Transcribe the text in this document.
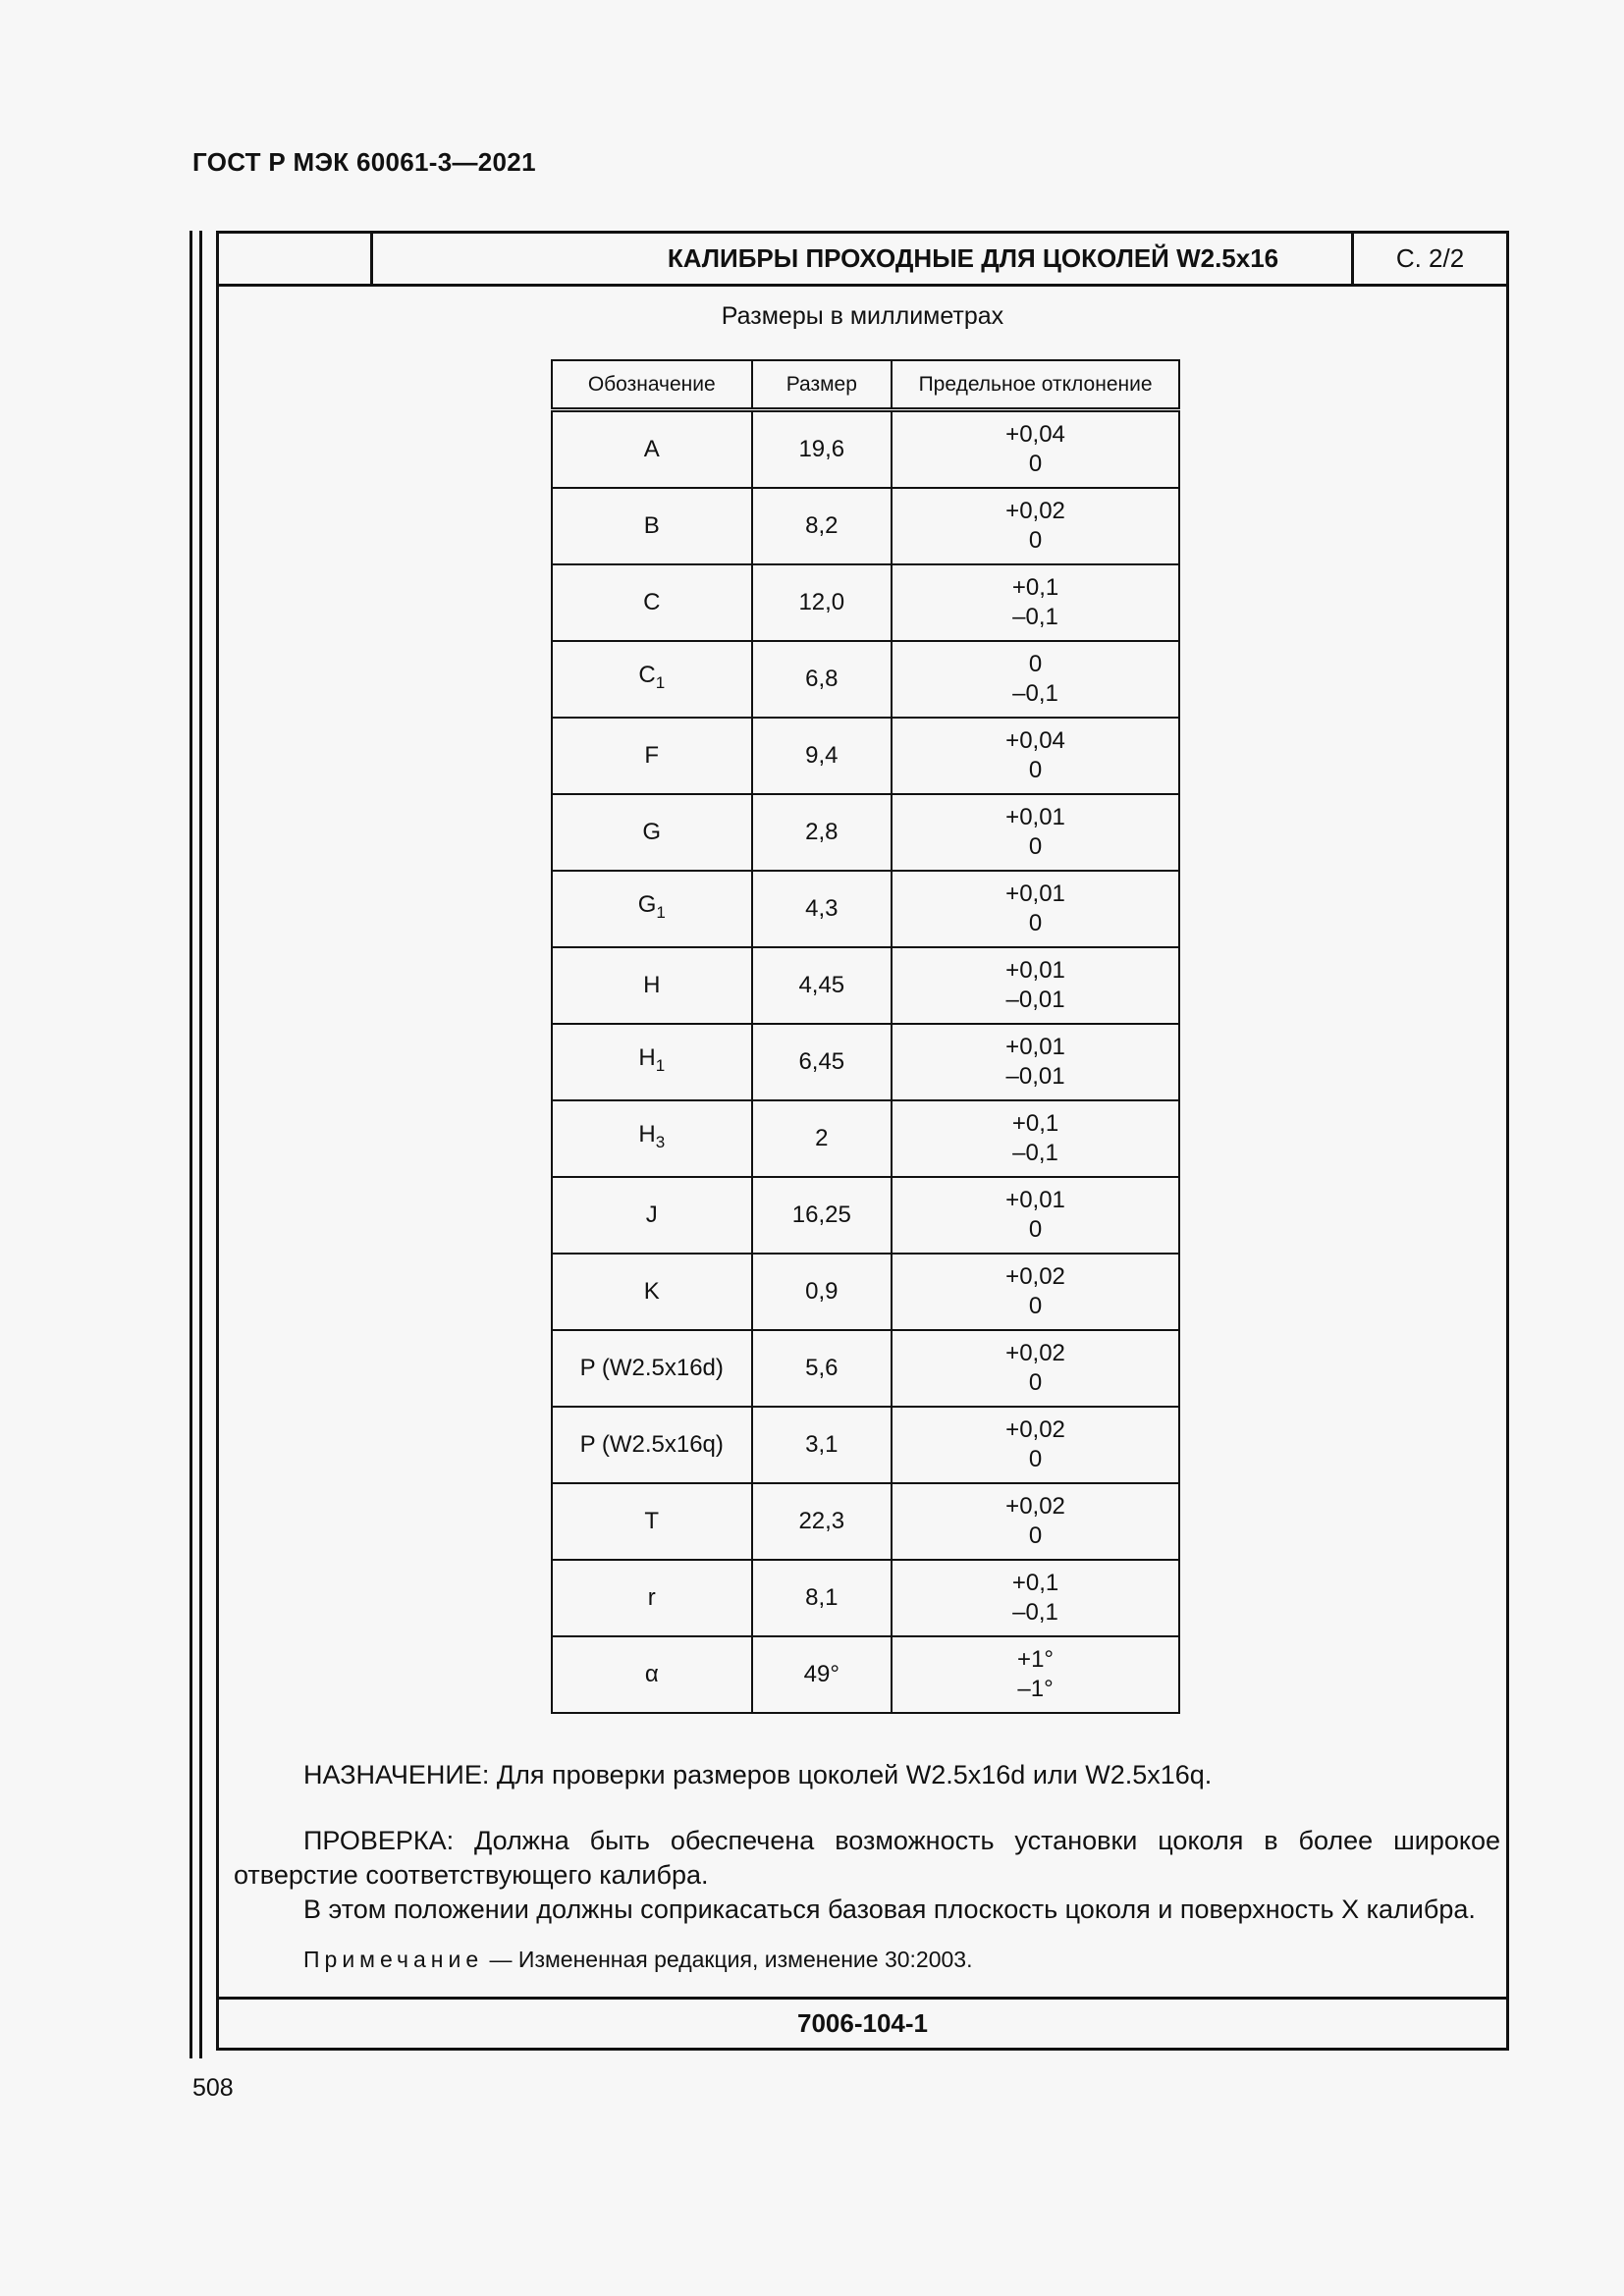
ГОСТ Р МЭК 60061-3—2021
КАЛИБРЫ ПРОХОДНЫЕ ДЛЯ ЦОКОЛЕЙ W2.5x16	С. 2/2
Размеры в миллиметрах
Обозначение	Размер	Предельное отклонение
A	19,6	+0,04
0

B	8,2	+0,02
0

C	12,0	+0,1
–0,1

$C_1$	6,8	0
–0,1

F	9,4	+0,04
0

G	2,8	+0,01
0

$G_1$	4,3	+0,01
0

H	4,45	+0,01
–0,01

$H_1$	6,45	+0,01
–0,01

$H_3$	2	+0,1
–0,1

J	16,25	+0,01
0

K	0,9	+0,02
0

P (W2.5x16d)	5,6	+0,02
0

P (W2.5x16q)	3,1	+0,02
0

T	22,3	+0,02
0

r	8,1	+0,1
–0,1

α	49°	+1°
–1°
НАЗНАЧЕНИЕ: Для проверки размеров цоколей W2.5x16d или W2.5x16q.

ПРОВЕРКА: Должна быть обеспечена возможность установки цоколя в более широкое отверстие соответствующего калибра.

В этом положении должны соприкасаться базовая плоскость цоколя и поверхность X калибра.

Примечание — Измененная редакция, изменение 30:2003.
7006-104-1
508
